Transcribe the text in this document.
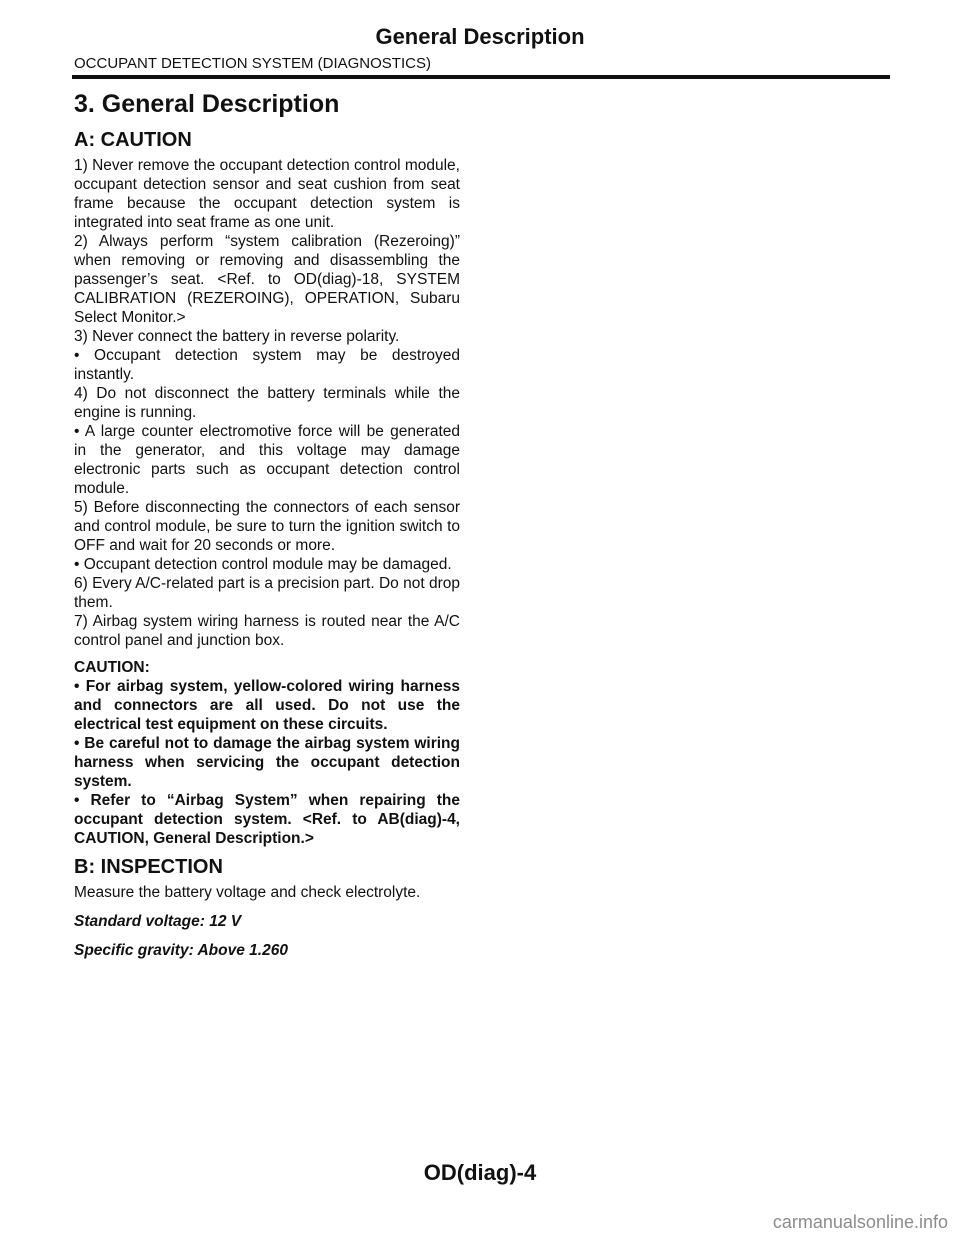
General Description
OCCUPANT DETECTION SYSTEM (DIAGNOSTICS)
3. General Description
A: CAUTION

1) Never remove the occupant detection control module, occupant detection sensor and seat cushion from seat frame because the occupant detection system is integrated into seat frame as one unit.

2) Always perform “system calibration (Rezeroing)” when removing or removing and disassembling the passenger’s seat. <Ref. to OD(diag)-18, SYSTEM CALIBRATION (REZEROING), OPERATION, Subaru Select Monitor.>

3) Never connect the battery in reverse polarity.

• Occupant detection system may be destroyed instantly.

4) Do not disconnect the battery terminals while the engine is running.

• A large counter electromotive force will be generated in the generator, and this voltage may damage electronic parts such as occupant detection control module.

5) Before disconnecting the connectors of each sensor and control module, be sure to turn the ignition switch to OFF and wait for 20 seconds or more.

• Occupant detection control module may be damaged.

6) Every A/C-related part is a precision part. Do not drop them.

7) Airbag system wiring harness is routed near the A/C control panel and junction box.

CAUTION:

• For airbag system, yellow-colored wiring harness and connectors are all used. Do not use the electrical test equipment on these circuits.

• Be careful not to damage the airbag system wiring harness when servicing the occupant detection system.

• Refer to “Airbag System” when repairing the occupant detection system. <Ref. to AB(diag)-4, CAUTION, General Description.>

B: INSPECTION

Measure the battery voltage and check electrolyte.

Standard voltage: 12 V

Specific gravity: Above 1.260

OD(diag)-4
carmanualsonline.info
